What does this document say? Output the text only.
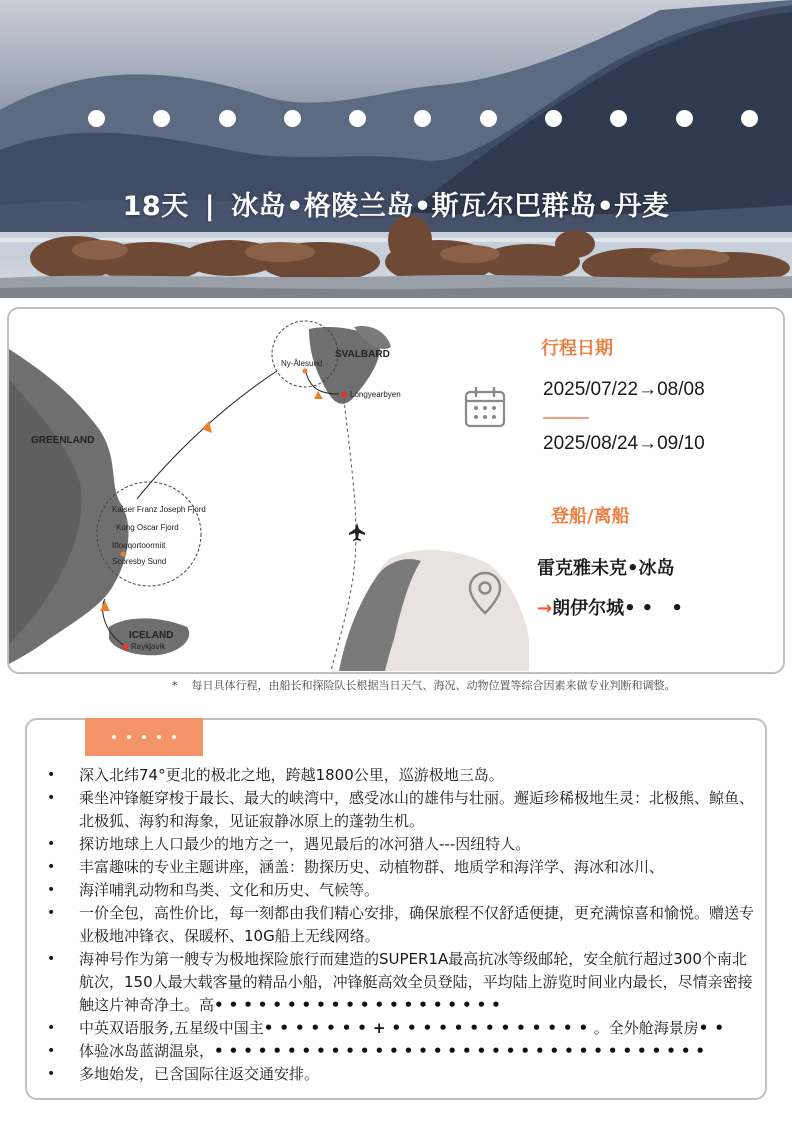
18天 | 冰岛•格陵兰岛•斯瓦尔巴群岛•丹麦
SVALBARD
Ny-Ålesund
Longyearbyen
GREENLAND
Kaiser Franz Joseph Fjord
Kong Oscar Fjord
Ittoqqortoormiit
Scoresby Sund
ICELAND
Reykjavik
行程日期
2025/07/22→08/08
2025/08/24→09/10
登船/离船
雷克雅未克•冰岛
→朗伊尔城•• •
* 每日具体行程，由船长和探险队长根据当日天气、海况、动物位置等综合因素来做专业判断和调整。
• 深入北纬74°更北的极北之地，跨越1800公里，巡游极地三岛。
• 乘坐冲锋艇穿梭于最长、最大的峡湾中，感受冰山的雄伟与壮丽。邂逅珍稀极地生灵：北极熊、鲸鱼、北极狐、海豹和海象，见证寂静冰原上的蓬勃生机。
• 探访地球上人口最少的地方之一，遇见最后的冰河猎人---因纽特人。
• 丰富趣味的专业主题讲座，涵盖：勘探历史、动植物群、地质学和海洋学、海冰和冰川、
• 海洋哺乳动物和鸟类、文化和历史、气候等。
• 一价全包，高性价比，每一刻都由我们精心安排，确保旅程不仅舒适便捷，更充满惊喜和愉悦。赠送专业极地冲锋衣、保暖杯、10G船上无线网络。
• 海神号作为第一艘专为极地探险旅行而建造的SUPER1A最高抗冰等级邮轮，安全航行超过300个南北航次，150人最大载客量的精品小船，冲锋艇高效全员登陆，平均陆上游览时间业内最长，尽情亲密接触这片神奇净土。高••••••••••••••••••••
• 中英双语服务,五星级中国主•••••••+•••••••••••••。全外舱海景房••
• 体验冰岛蓝湖温泉，••••••••••••••••••••••••••••••••••
• 多地始发，已含国际往返交通安排。
